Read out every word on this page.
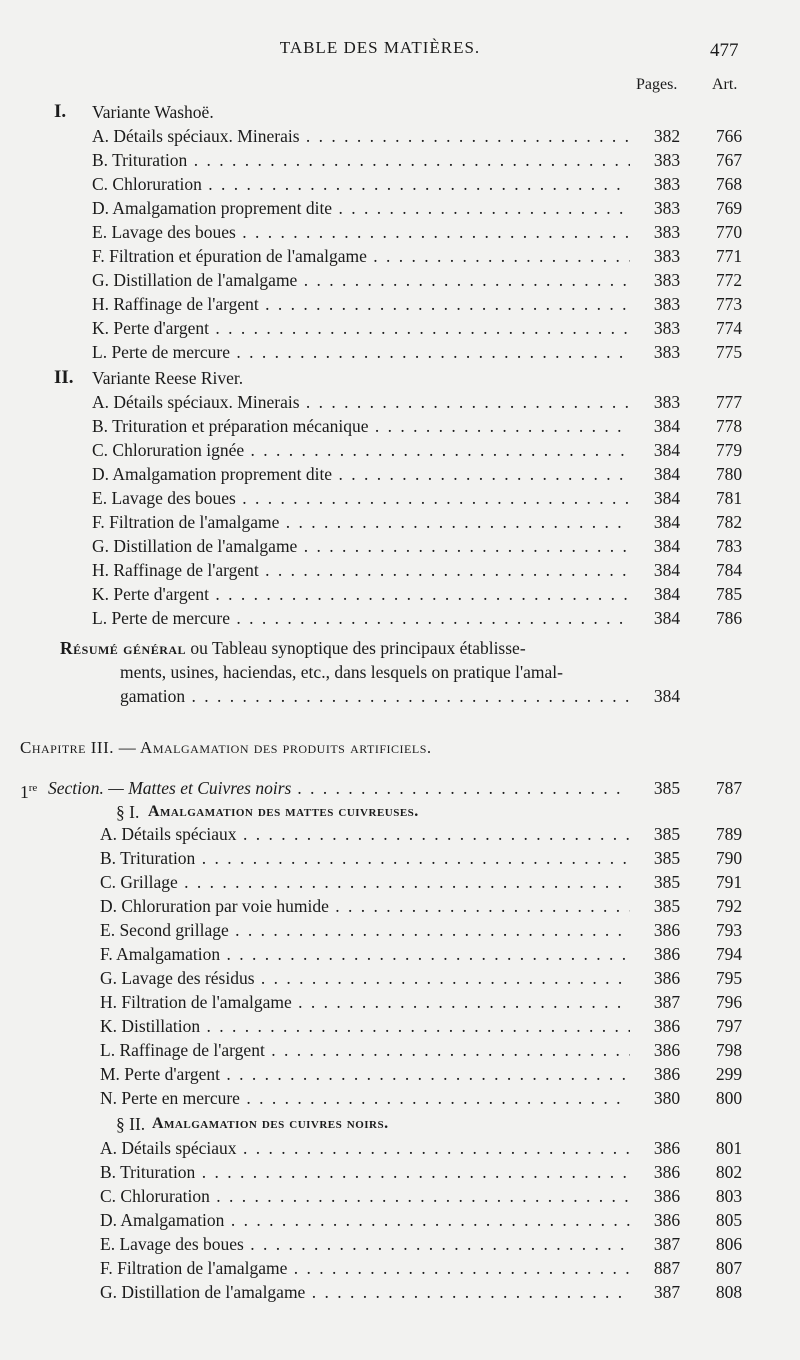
TABLE DES MATIÈRES.	477
Pages. Art.
I. Variante Washoë.
A. Détails spéciaux. Minerais . . .	382	766
B. Trituration . . .	383	767
C. Chloruration . . .	383	768
D. Amalgamation proprement dite . . .	383	769
E. Lavage des boues . . .	383	770
F. Filtration et épuration de l'amalgame . . .	383	771
G. Distillation de l'amalgame . . .	383	772
H. Raffinage de l'argent . . .	383	773
K. Perte d'argent . . .	383	774
L. Perte de mercure . . .	383	775
II. Variante Reese River.
A. Détails spéciaux. Minerais . . .	383	777
B. Trituration et préparation mécanique . . .	384	778
C. Chloruration ignée . . .	384	779
D. Amalgamation proprement dite . . .	384	780
E. Lavage des boues . . .	384	781
F. Filtration de l'amalgame . . .	384	782
G. Distillation de l'amalgame . . .	384	783
H. Raffinage de l'argent . . .	384	784
K. Perte d'argent . . .	384	785
L. Perte de mercure . . .	384	786
Résumé général ou Tableau synoptique des principaux établisse-
ments, usines, haciendas, etc., dans lesquels on pratique l'amal-
gamation . . .	384
Chapitre III. — Amalgamation des produits artificiels.
1re Section. — Mattes et Cuivres noirs . . .	385	787
§ I. Amalgamation des mattes cuivreuses.
A. Détails spéciaux . . .	385	789
B. Trituration . . .	385	790
C. Grillage . . .	385	791
D. Chloruration par voie humide . . .	385	792
E. Second grillage . . .	386	793
F. Amalgamation . . .	386	794
G. Lavage des résidus . . .	386	795
H. Filtration de l'amalgame . . .	387	796
K. Distillation . . .	386	797
L. Raffinage de l'argent . . .	386	798
M. Perte d'argent . . .	386	299
N. Perte en mercure . . .	380	800
§ II. Amalgamation des cuivres noirs.
A. Détails spéciaux . . .	386	801
B. Trituration . . .	386	802
C. Chloruration . . .	386	803
D. Amalgamation . . .	386	805
E. Lavage des boues . . .	387	806
F. Filtration de l'amalgame . . .	887	807
G. Distillation de l'amalgame . . .	387	808
